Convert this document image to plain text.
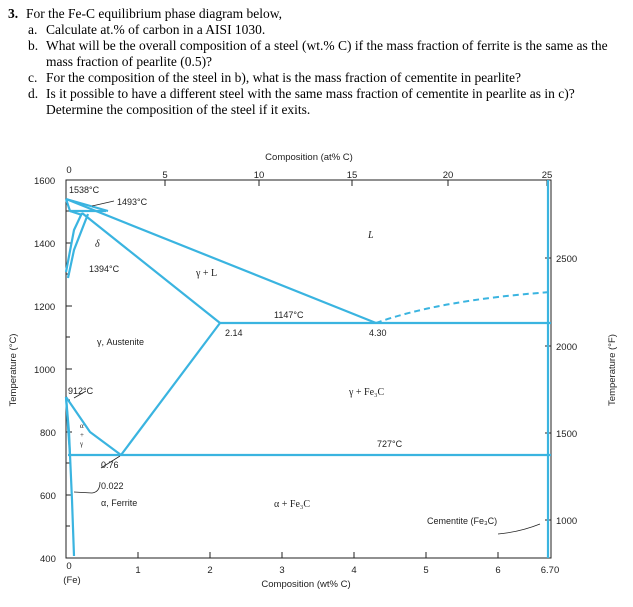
3. For the Fe-C equilibrium phase diagram below,
a. Calculate at.% of carbon in a AISI 1030.
b. What will be the overall composition of a steel (wt.% C) if the mass fraction of ferrite is the same as the mass fraction of pearlite (0.5)?
c. For the composition of the steel in b), what is the mass fraction of cementite in pearlite?
d. Is it possible to have a different steel with the same mass fraction of cementite in pearlite as in c)? Determine the composition of the steel if it exits.
1600
1400
1200
1000
800
600
400
2500
2000
1500
1000
0	5	10	15	20	25
Composition (at% C)
0	1	2	3	4	5	6	6.70
(Fe)	Composition (wt% C)
Temperature (°C)	Temperature (°F)
1538°C
1493°C
1394°C
1147°C
2.14	4.30
912°C
727°C
0.76
0.022
δ
L
γ + L
γ, Austenite
γ + Fe₃C
α + Fe₃C
α, Ferrite
Cementite (Fe₃C)
α
+
γ
